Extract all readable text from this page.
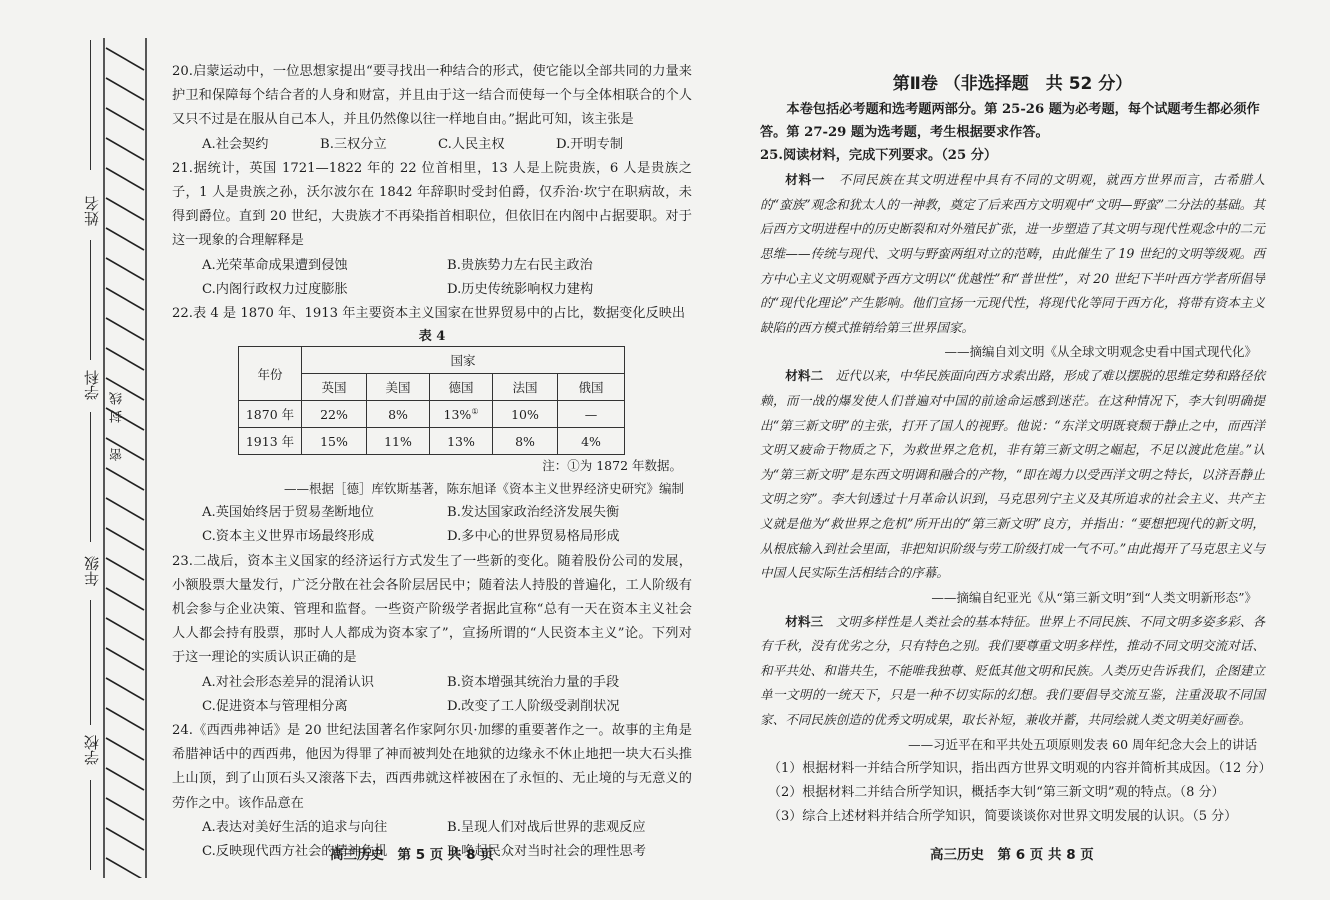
姓名
学科
年级
学校
线
封
密

20.启蒙运动中，一位思想家提出“要寻找出一种结合的形式，使它能以全部共同的力量来护卫和保障每个结合者的人身和财富，并且由于这一结合而使每一个与全体相联合的个人又只不过是在服从自己本人，并且仍然像以往一样地自由。”据此可知，该主张是

A.社会契约	B.三权分立	C.人民主权	D.开明专制

21.据统计，英国 1721—1822 年的 22 位首相里，13 人是上院贵族，6 人是贵族之子，1 人是贵族之孙，沃尔波尔在 1842 年辞职时受封伯爵，仅乔治·坎宁在职病故，未得到爵位。直到 20 世纪，大贵族才不再染指首相职位，但依旧在内阁中占据要职。对于这一现象的合理解释是

A.光荣革命成果遭到侵蚀	B.贵族势力左右民主政治
C.内阁行政权力过度膨胀	D.历史传统影响权力建构

22.表 4 是 1870 年、1913 年主要资本主义国家在世界贸易中的占比，数据变化反映出

表 4

年份	国家				
	英国	美国	德国	法国	俄国
1870 年	22%	8%	13%①	10%	—
1913 年	15%	11%	13%	8%	4%
注：①为 1872 年数据。
——根据［德］库钦斯基著，陈东旭译《资本主义世界经济史研究》编制
A.英国始终居于贸易垄断地位	B.发达国家政治经济发展失衡
C.资本主义世界市场最终形成	D.多中心的世界贸易格局形成

23.二战后，资本主义国家的经济运行方式发生了一些新的变化。随着股份公司的发展，小额股票大量发行，广泛分散在社会各阶层居民中；随着法人持股的普遍化，工人阶级有机会参与企业决策、管理和监督。一些资产阶级学者据此宣称“总有一天在资本主义社会人人都会持有股票，那时人人都成为资本家了”，宣扬所谓的“人民资本主义”论。下列对于这一理论的实质认识正确的是

A.对社会形态差异的混淆认识	B.资本增强其统治力量的手段
C.促进资本与管理相分离	D.改变了工人阶级受剥削状况

24.《西西弗神话》是 20 世纪法国著名作家阿尔贝·加缪的重要著作之一。故事的主角是希腊神话中的西西弗，他因为得罪了神而被判处在地狱的边缘永不休止地把一块大石头推上山顶，到了山顶石头又滚落下去，西西弗就这样被困在了永恒的、无止境的与无意义的劳作之中。该作品意在

A.表达对美好生活的追求与向往	B.呈现人们对战后世界的悲观反应
C.反映现代西方社会的精神危机	D.唤起民众对当时社会的理性思考
高三历史　第 5 页 共 8 页

第Ⅱ卷 （非选择题　共 52 分）

本卷包括必考题和选考题两部分。第 25-26 题为必考题，每个试题考生都必须作答。第 27-29 题为选考题，考生根据要求作答。

25.阅读材料，完成下列要求。（25 分）

材料一　 不同民族在其文明进程中具有不同的文明观，就西方世界而言，古希腊人的“蛮族”观念和犹太人的一神教，奠定了后来西方文明观中“文明—野蛮”二分法的基础。其后西方文明进程中的历史断裂和对外殖民扩张，进一步塑造了其文明与现代性观念中的二元思维——传统与现代、文明与野蛮两组对立的范畴，由此催生了 19 世纪的文明等级观。西方中心主义文明观赋予西方文明以“优越性”和“普世性”，对 20 世纪下半叶西方学者所倡导的“现代化理论”产生影响。他们宣扬一元现代性，将现代化等同于西方化，将带有资本主义缺陷的西方模式推销给第三世界国家。

——摘编自刘文明《从全球文明观念史看中国式现代化》

材料二　 近代以来，中华民族面向西方求索出路，形成了难以摆脱的思维定势和路径依赖，而一战的爆发使人们普遍对中国的前途命运感到迷茫。在这种情况下，李大钊明确提出“第三新文明”的主张，打开了国人的视野。他说：“东洋文明既衰颓于静止之中，而西洋文明又疲命于物质之下，为救世界之危机，非有第三新文明之崛起，不足以渡此危崖。”认为“第三新文明”是东西文明调和融合的产物，“即在竭力以受西洋文明之特长，以济吾静止文明之穷”。李大钊透过十月革命认识到，马克思列宁主义及其所追求的社会主义、共产主义就是他为“救世界之危机”所开出的“第三新文明”良方，并指出：“要想把现代的新文明，从根底输入到社会里面，非把知识阶级与劳工阶级打成一气不可。”由此揭开了马克思主义与中国人民实际生活相结合的序幕。

——摘编自纪亚光《从“第三新文明”到“人类文明新形态”》

材料三　 文明多样性是人类社会的基本特征。世界上不同民族、不同文明多姿多彩、各有千秋，没有优劣之分，只有特色之别。我们要尊重文明多样性，推动不同文明交流对话、和平共处、和谐共生，不能唯我独尊、贬低其他文明和民族。人类历史告诉我们，企图建立单一文明的一统天下，只是一种不切实际的幻想。我们要倡导交流互鉴，注重汲取不同国家、不同民族创造的优秀文明成果，取长补短，兼收并蓄，共同绘就人类文明美好画卷。

——习近平在和平共处五项原则发表 60 周年纪念大会上的讲话

（1）根据材料一并结合所学知识，指出西方世界文明观的内容并简析其成因。（12 分）

（2）根据材料二并结合所学知识，概括李大钊“第三新文明”观的特点。（8 分）

（3）综合上述材料并结合所学知识，简要谈谈你对世界文明发展的认识。（5 分）

高三历史　第 6 页 共 8 页
